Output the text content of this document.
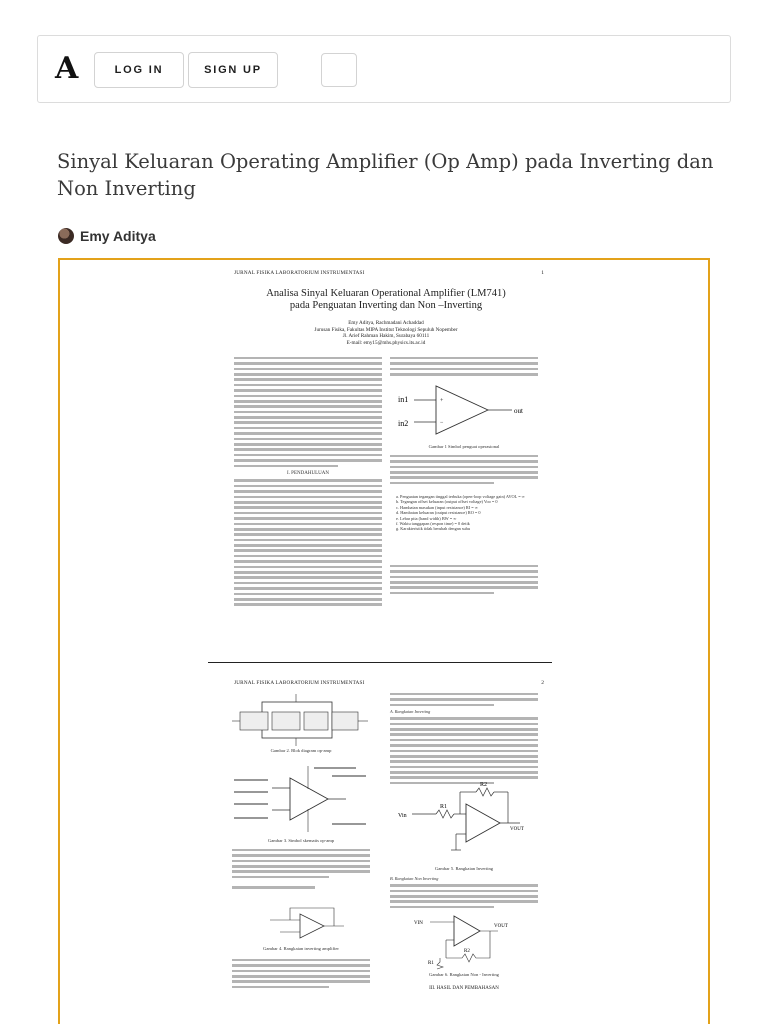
A	LOG IN	SIGN UP
Sinyal Keluaran Operating Amplifier (Op Amp) pada Inverting dan Non Inverting
Emy Aditya
JURNAL FISIKA LABORATORIUM INSTRUMENTASI	1
Analisa Sinyal Keluaran Operational Amplifier (LM741)
pada Penguatan Inverting dan Non –Inverting
Emy Aditya, Rachmadani Achaddad
Jurusan Fisika, Fakultas MIPA Institut Teknologi Sepuluh Nopember
Jl. Arief Rahman Hakim, Surabaya 60111
E-mail: emy15@mhs.physics.its.ac.id
I. PENDAHULUAN
+
−
in1
in2
out
Gambar 1 Simbol penguat operasional
a. Penguatan tegangan tinggal terbuka (open-loop voltage gain) AVOL = ∞
b. Tegangan offset keluaran (output offset voltage) Voo = 0
c. Hambatan masukan (input resistance) RI = ∞
d. Hambatan keluaran (output resistance) RO = 0
e. Lebar pita (band width) BW = ∞
f. Waktu tanggapan (respon time) = 0 detik
g. Karakteristik tidak berubah dengan suhu
JURNAL FISIKA LABORATORIUM INSTRUMENTASI	2
Gambar 2. Blok diagram op-amp
Gambar 3. Simbol skematis op-amp
Gambar 4. Rangkaian inverting amplifier
A. Rangkaian Inverting
R2
R1
Vin
VOUT
Gambar 5. Rangkaian Inverting
B. Rangkaian Non Inverting
VIN
VOUT
R2
R1
Gambar 6. Rangkaian Non - Inverting
III. HASIL DAN PEMBAHASAN
